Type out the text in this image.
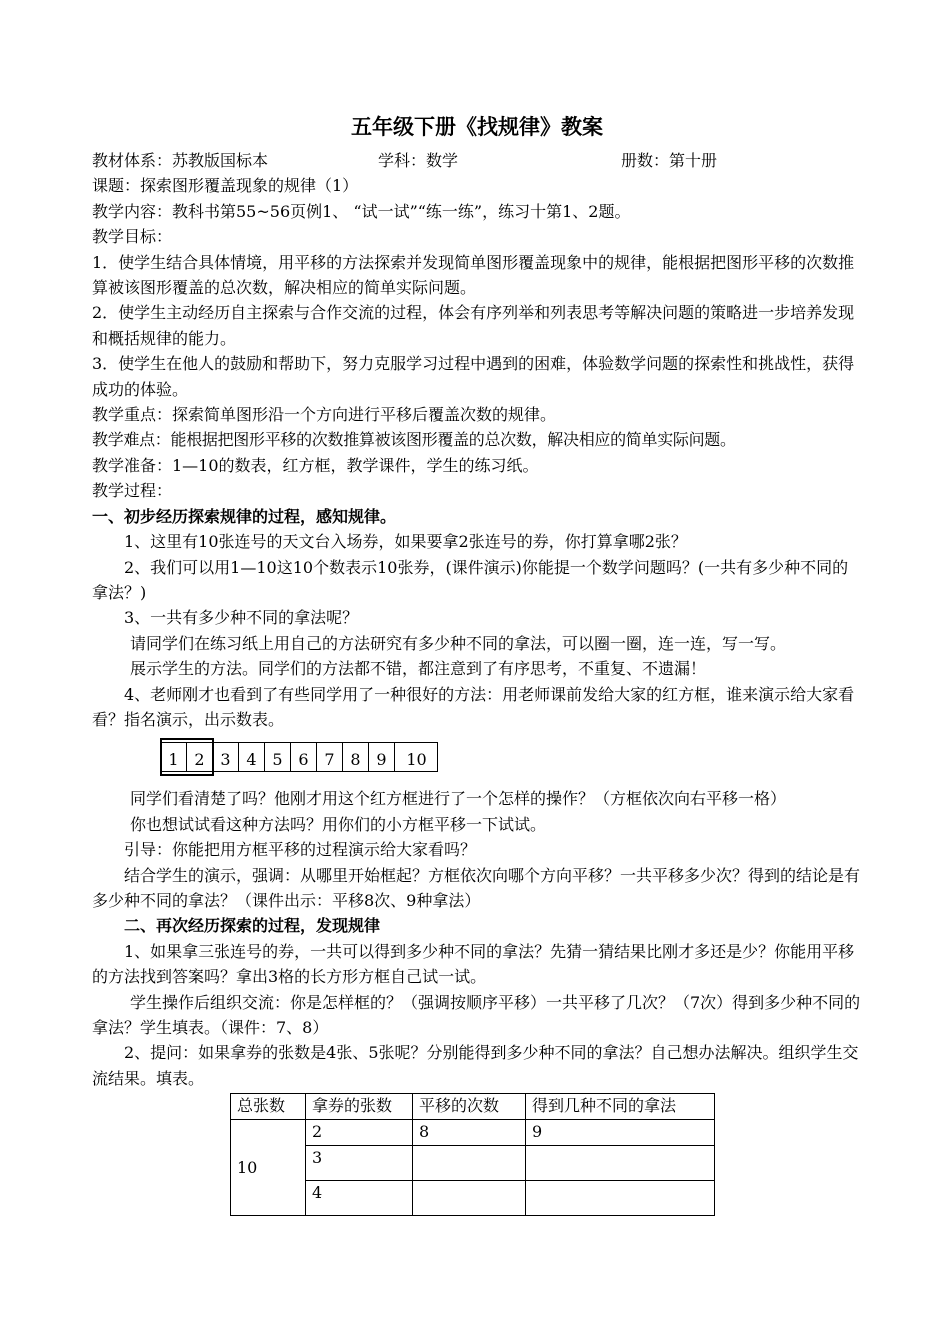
五年级下册《找规律》教案
教材体系：苏教版国标本	学科：数学	册数：第十册

课题：探索图形覆盖现象的规律（1）

教学内容：教科书第55~56页例1、 “试一试”“练一练”，练习十第1、2题。

教学目标：

1．使学生结合具体情境，用平移的方法探索并发现简单图形覆盖现象中的规律，能根据把图形平移的次数推算被该图形覆盖的总次数，解决相应的简单实际问题。

2．使学生主动经历自主探索与合作交流的过程，体会有序列举和列表思考等解决问题的策略进一步培养发现和概括规律的能力。

3．使学生在他人的鼓励和帮助下，努力克服学习过程中遇到的困难，体验数学问题的探索性和挑战性，获得成功的体验。

教学重点：探索简单图形沿一个方向进行平移后覆盖次数的规律。

教学难点：能根据把图形平移的次数推算被该图形覆盖的总次数，解决相应的简单实际问题。

教学准备：1—10的数表，红方框，教学课件，学生的练习纸。

教学过程：

一、初步经历探索规律的过程，感知规律。

1、这里有10张连号的天文台入场券，如果要拿2张连号的券，你打算拿哪2张？

2、我们可以用1—10这10个数表示10张券，(课件演示)你能提一个数学问题吗？(一共有多少种不同的拿法？)

3、一共有多少种不同的拿法呢？

请同学们在练习纸上用自己的方法研究有多少种不同的拿法，可以圈一圈，连一连，写一写。

展示学生的方法。同学们的方法都不错，都注意到了有序思考，不重复、不遗漏！

4、老师刚才也看到了有些同学用了一种很好的方法：用老师课前发给大家的红方框，谁来演示给大家看看？指名演示，出示数表。

1 2 3 4 5 6 7 8 9	10

同学们看清楚了吗？他刚才用这个红方框进行了一个怎样的操作？（方框依次向右平移一格）

你也想试试看这种方法吗？用你们的小方框平移一下试试。

引导：你能把用方框平移的过程演示给大家看吗？

结合学生的演示，强调：从哪里开始框起？方框依次向哪个方向平移？一共平移多少次？得到的结论是有多少种不同的拿法？（课件出示：平移8次、9种拿法）

二、再次经历探索的过程，发现规律

1、如果拿三张连号的券，一共可以得到多少种不同的拿法？先猜一猜结果比刚才多还是少？你能用平移的方法找到答案吗？拿出3格的长方形方框自己试一试。

学生操作后组织交流：你是怎样框的？（强调按顺序平移）一共平移了几次？（7次）得到多少种不同的拿法？学生填表。（课件：7、8）

2、提问：如果拿券的张数是4张、5张呢？分别能得到多少种不同的拿法？自己想办法解决。组织学生交流结果。填表。

总张数	拿券的张数	平移的次数	得到几种不同的拿法
10	2	8	9
	3		
	4		
